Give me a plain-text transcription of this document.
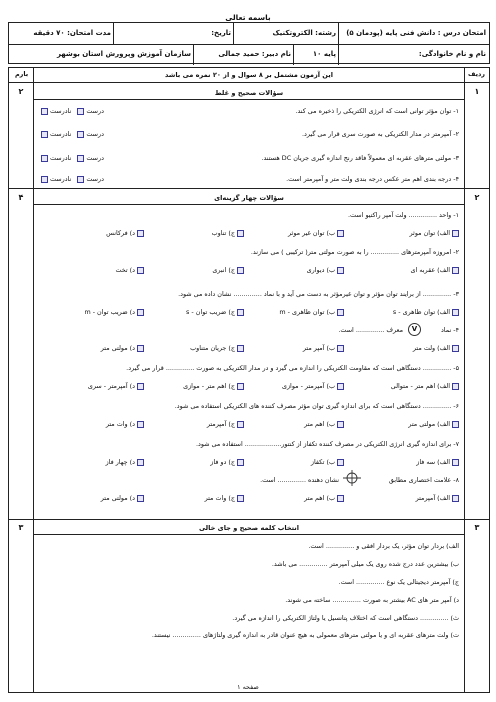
باسمه تعالی
امتحان درس : دانش فنی پایه (پودمان ۵)
رشته: الکتروتکنیک
تاریخ:
مدت امتحان: ۷۰ دقیقه
نام و نام خانوادگی:
پایه ۱۰
نام دبیر: حمید جمالی
سازمان آموزش وپرورش استان بوشهر
ردیف
این آزمون مشتمل بر ۸ سوال و از ۲۰ نمره می باشد
بارم
۱
۲	سؤالات صحیح و غلط
۱- توان مؤثر توانی است که انرژی الکتریکی را ذخیره می کند.
درست

نادرست
۲- آمپرمتر در مدار الکتریکی به صورت سری قرار می گیرد.
درست

نادرست
۳- مولتی مترهای عقربه ای معمولاً فاقد رنج اندازه گیری جریان DC هستند.
درست

نادرست
۴- درجه بندی اهم متر عکس درجه بندی ولت متر و آمپرمتر است.
درست

نادرست
۲
۴	سؤالات چهار گزینه‌ای
۱- واحد .............. ولت آمپر راکتیو است.
الف) توان موثر
ب) توان غیر موثر
ج) تناوب
د) فرکانس
۲- امروزه آمپرمترهای .............. را به صورت مولتی متر( ترکیبی ) می سازند.
الف) عقربه ای
ب) دیواری
ج) انبری
د) تخت
۳- .............. از برایند توان مؤثر و توان غیرمؤثر به دست می آید و با نماد .............. نشان داده می شود.
الف) توان ظاهری - s
ب) توان ظاهری - m
ج) ضریب توان - s
د) ضریب توان - m
۴- نماد
V
معرف .............. است.
الف) ولت متر
ب) آمپر متر
ج) جریان متناوب
د) مولتی متر
۵- .............. دستگاهی است که مقاومت الکتریکی را اندازه می گیرد و در مدار الکتریکی به صورت .............. قرار می گیرد.
الف) اهم متر - متوالی
ب) آمپرمتر - موازی
ج) اهم متر - موازی
د) آمپرمتر - سری
۶- .............. دستگاهی است که برای اندازه گیری توان مؤثر مصرف کننده های الکتریکی استفاده می شود.
الف) مولتی متر
ب) اهم متر
ج) آمپرمتر
د) وات متر
۷- برای اندازه گیری انرژی الکتریکی در مصرف کننده تکفاز از کنتور.................. استفاده می شود.
الف) سه فاز
ب) تکفاز
ج) دو فاز
د) چهار فاز
۸- علامت اختصاری مطابق
نشان دهنده .............. است.
الف) آمپرمتر
ب) اهم متر
ج) وات متر
د) مولتی متر
۳
۳	انتخاب کلمه صحیح و جای خالی
الف) بردار توان مؤثر، یک بردار افقی و .............. است.
ب) بیشترین عدد درج شده روی یک میلی آمپرمتر .............. می باشد.
ج) آمپرمتر دیجیتالی یک نوع .............. است.
د) آمپر متر های AC بیشتر به صورت .............. ساخته می شوند.
ث) .............. دستگاهی است که اختلاف پتانسیل یا ولتاژ الکتریکی را اندازه می گیرد.
ت) ولت مترهای عقربه ای و یا مولتی مترهای معمولی به هیچ عنوان قادر به اندازه گیری ولتاژهای .............. نیستند.
صفحه ۱
